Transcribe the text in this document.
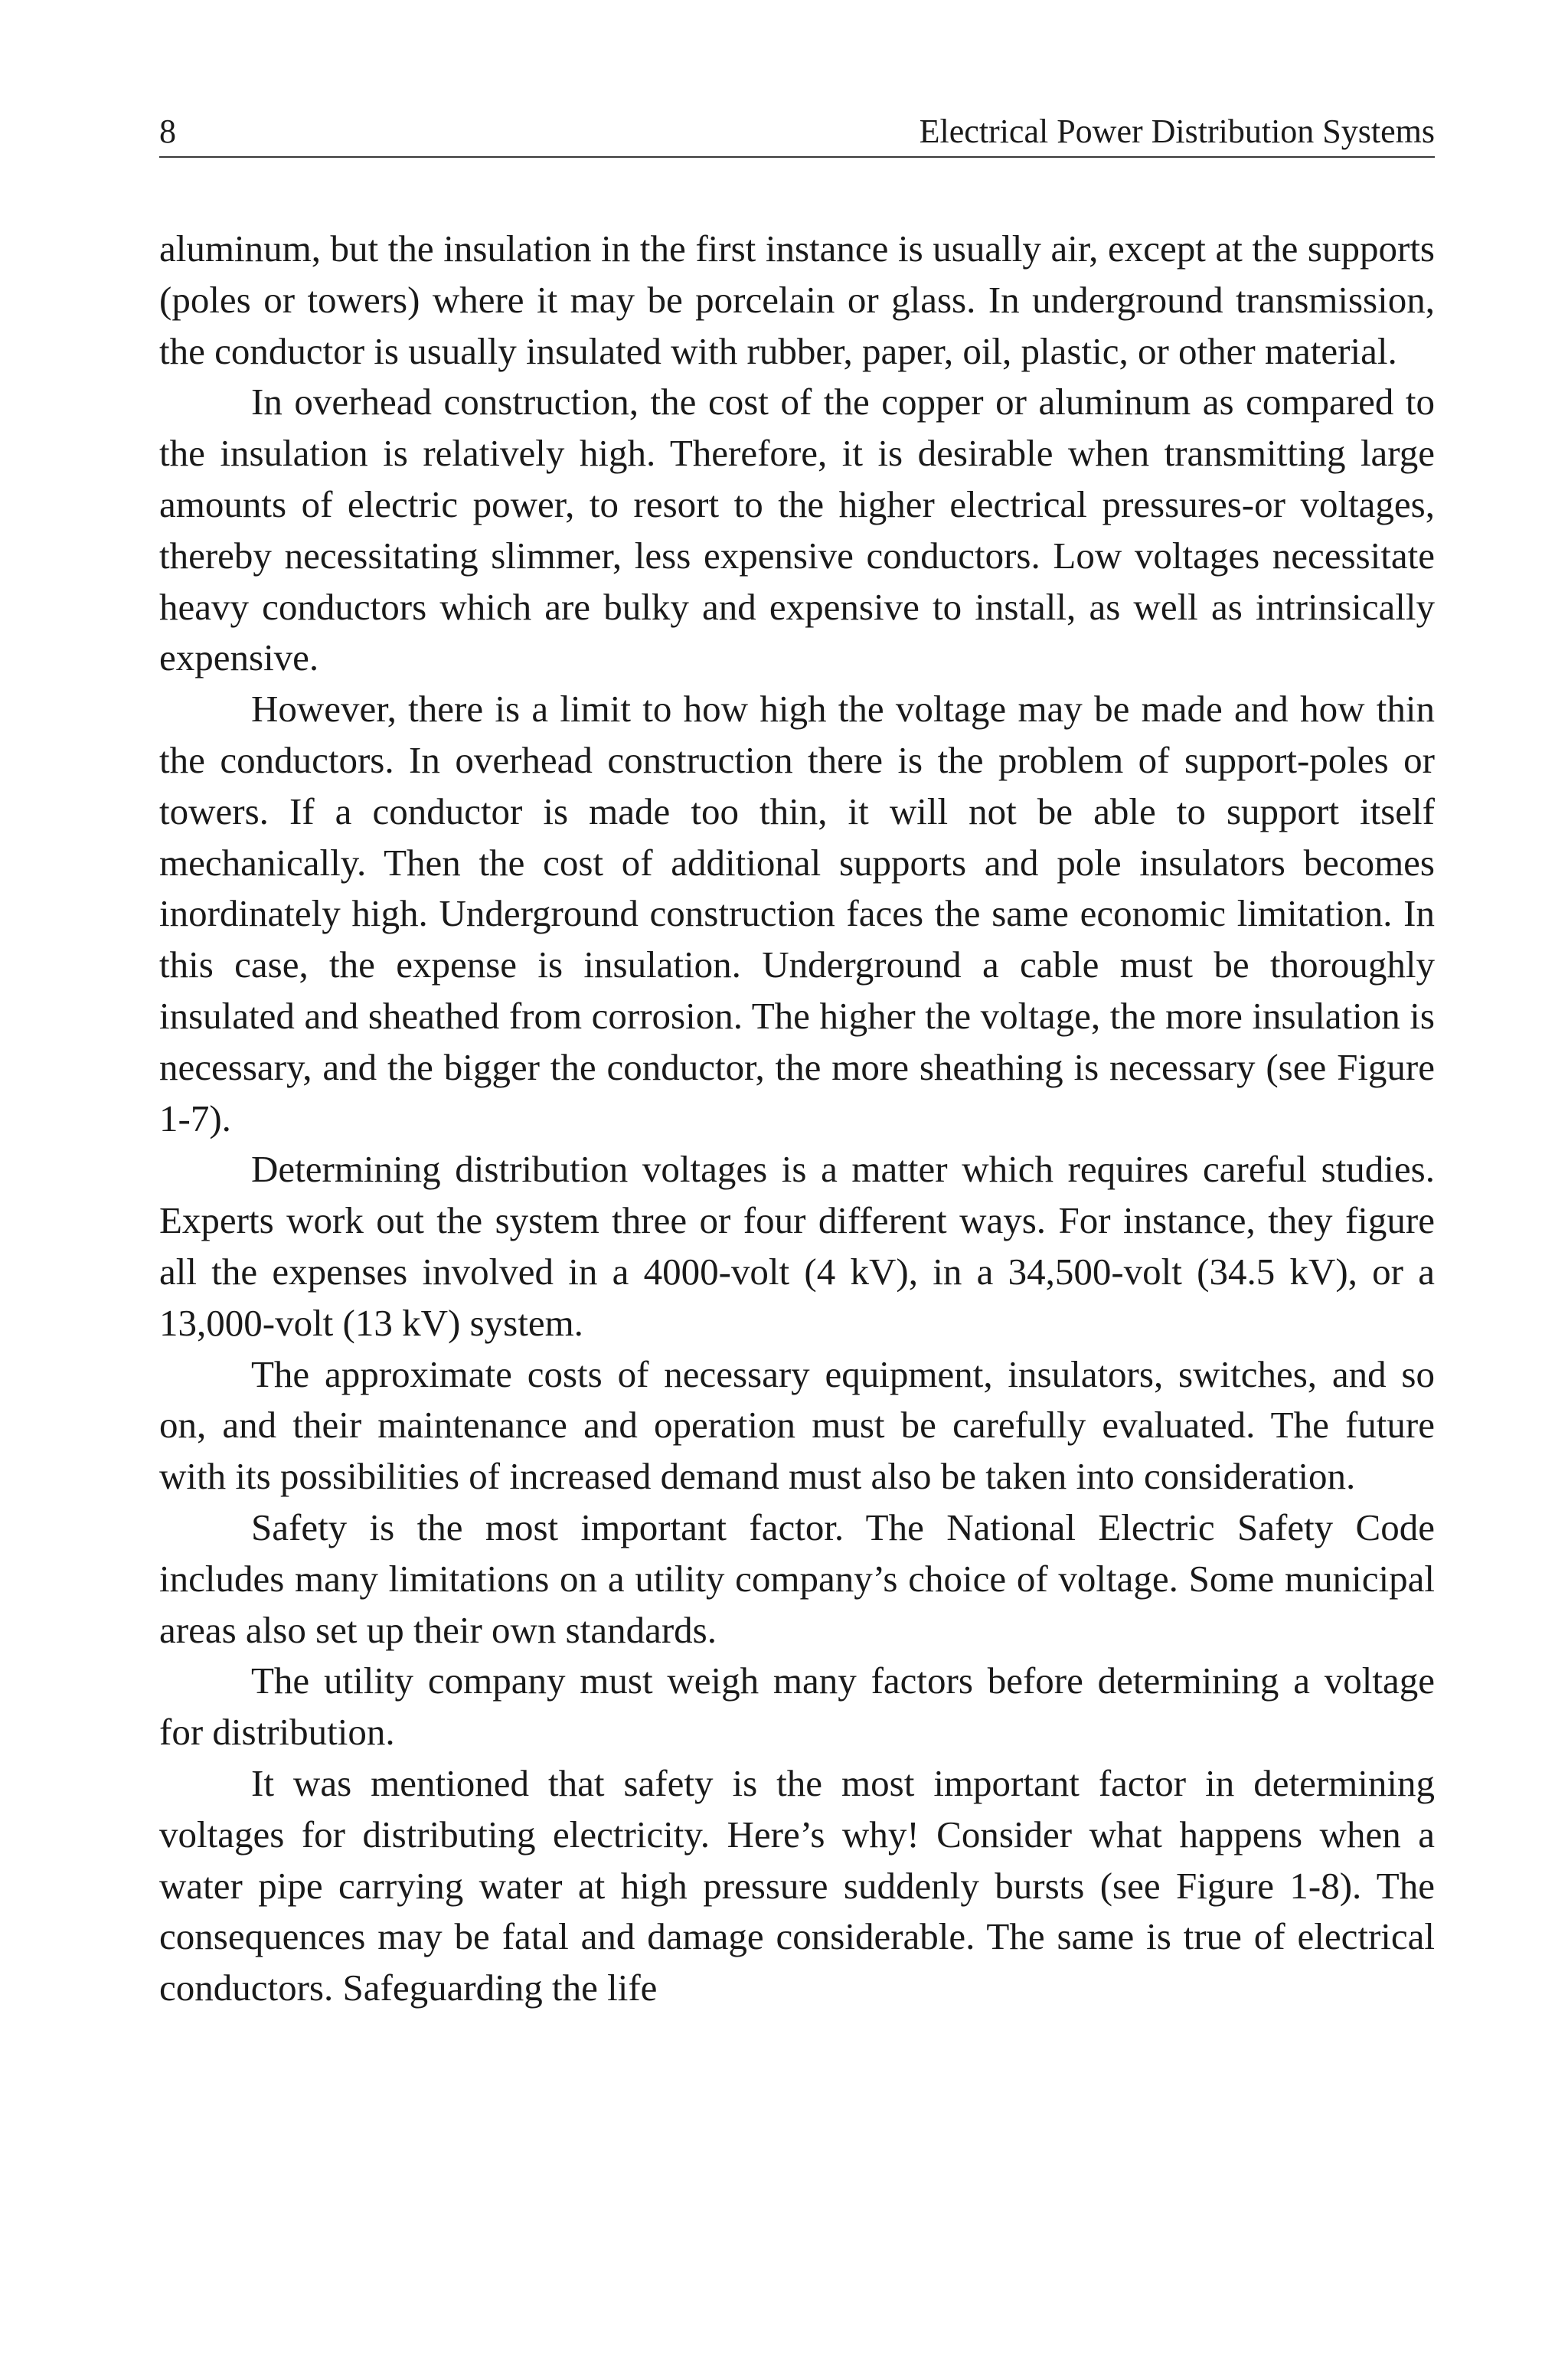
8	Electrical Power Distribution Systems

aluminum, but the insulation in the first instance is usually air, except at the supports (poles or towers) where it may be porcelain or glass. In underground transmission, the conductor is usually insulated with rubber, paper, oil, plastic, or other material.

In overhead construction, the cost of the copper or aluminum as compared to the insulation is relatively high. Therefore, it is desirable when transmitting large amounts of electric power, to resort to the higher electrical pressures-or voltages, thereby necessitating slimmer, less expensive conductors. Low voltages necessitate heavy conductors which are bulky and expensive to install, as well as intrinsically expensive.

However, there is a limit to how high the voltage may be made and how thin the conductors. In overhead construction there is the problem of support-poles or towers. If a conductor is made too thin, it will not be able to support itself mechanically. Then the cost of additional supports and pole insulators becomes inordinately high. Underground construction faces the same economic limitation. In this case, the expense is insulation. Underground a cable must be thoroughly insulated and sheathed from corrosion. The higher the voltage, the more insulation is necessary, and the bigger the conductor, the more sheathing is necessary (see Figure 1-7).

Determining distribution voltages is a matter which requires careful studies. Experts work out the system three or four different ways. For instance, they figure all the expenses involved in a 4000-volt (4 kV), in a 34,500-volt (34.5 kV), or a 13,000-volt (13 kV) system.

The approximate costs of necessary equipment, insulators, switches, and so on, and their maintenance and operation must be carefully evaluated. The future with its possibilities of increased demand must also be taken into consideration.

Safety is the most important factor. The National Electric Safety Code includes many limitations on a utility company’s choice of voltage. Some municipal areas also set up their own standards.

The utility company must weigh many factors before determining a voltage for distribution.

It was mentioned that safety is the most important factor in determining voltages for distributing electricity. Here’s why! Consider what happens when a water pipe carrying water at high pressure suddenly bursts (see Figure 1-8). The consequences may be fatal and damage considerable. The same is true of electrical conductors. Safeguarding the life
